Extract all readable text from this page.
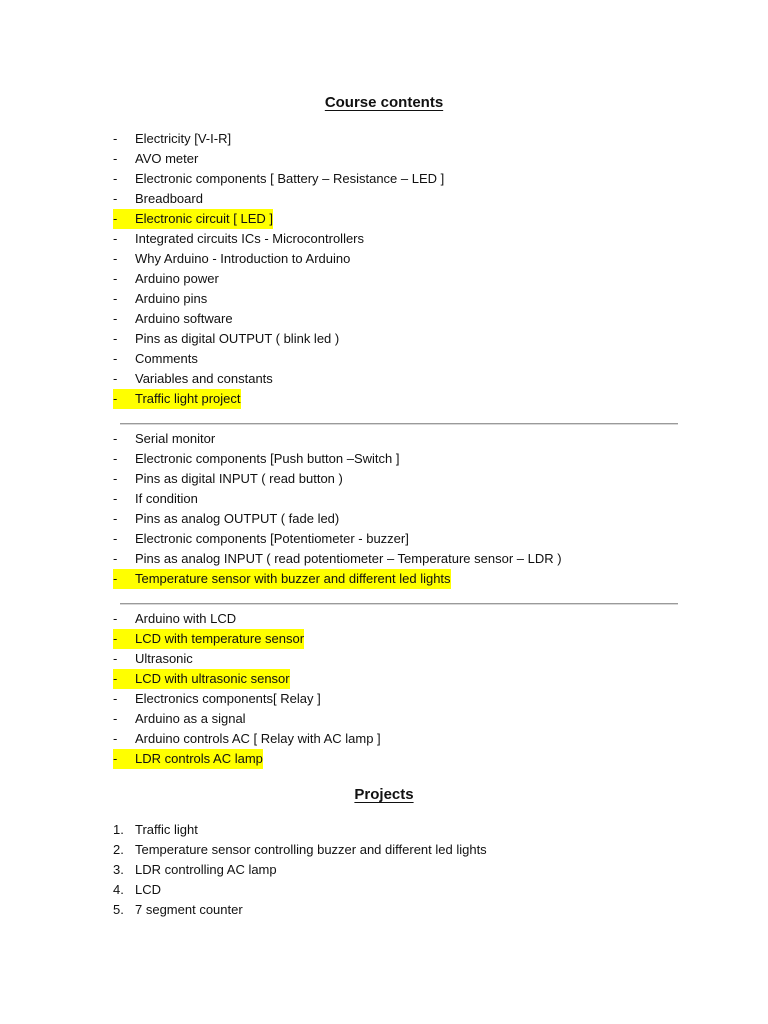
Course contents
-	Electricity [V-I-R]
-	AVO meter
-	Electronic components [ Battery – Resistance – LED ]
-	Breadboard
-	Electronic circuit [ LED ]
-	Integrated circuits ICs - Microcontrollers
-	Why Arduino - Introduction to Arduino
-	Arduino power
-	Arduino pins
-	Arduino software
-	Pins as digital OUTPUT ( blink led )
-	Comments
-	Variables and constants
-	Traffic light project
-	Serial monitor
-	Electronic components [Push button –Switch ]
-	Pins as digital INPUT ( read button )
-	If condition
-	Pins as analog OUTPUT ( fade led)
-	Electronic components [Potentiometer - buzzer]
-	Pins as analog INPUT ( read potentiometer – Temperature sensor – LDR )
-	Temperature sensor with buzzer and different led lights
-	Arduino with LCD
-	LCD with temperature sensor
-	Ultrasonic
-	LCD with ultrasonic sensor
-	Electronics components[ Relay ]
-	Arduino as a signal
-	Arduino controls AC [ Relay with AC lamp ]
-	LDR controls AC lamp
Projects
1. Traffic light
2. Temperature sensor controlling buzzer and different led lights
3. LDR controlling AC lamp
4. LCD
5. 7 segment counter
